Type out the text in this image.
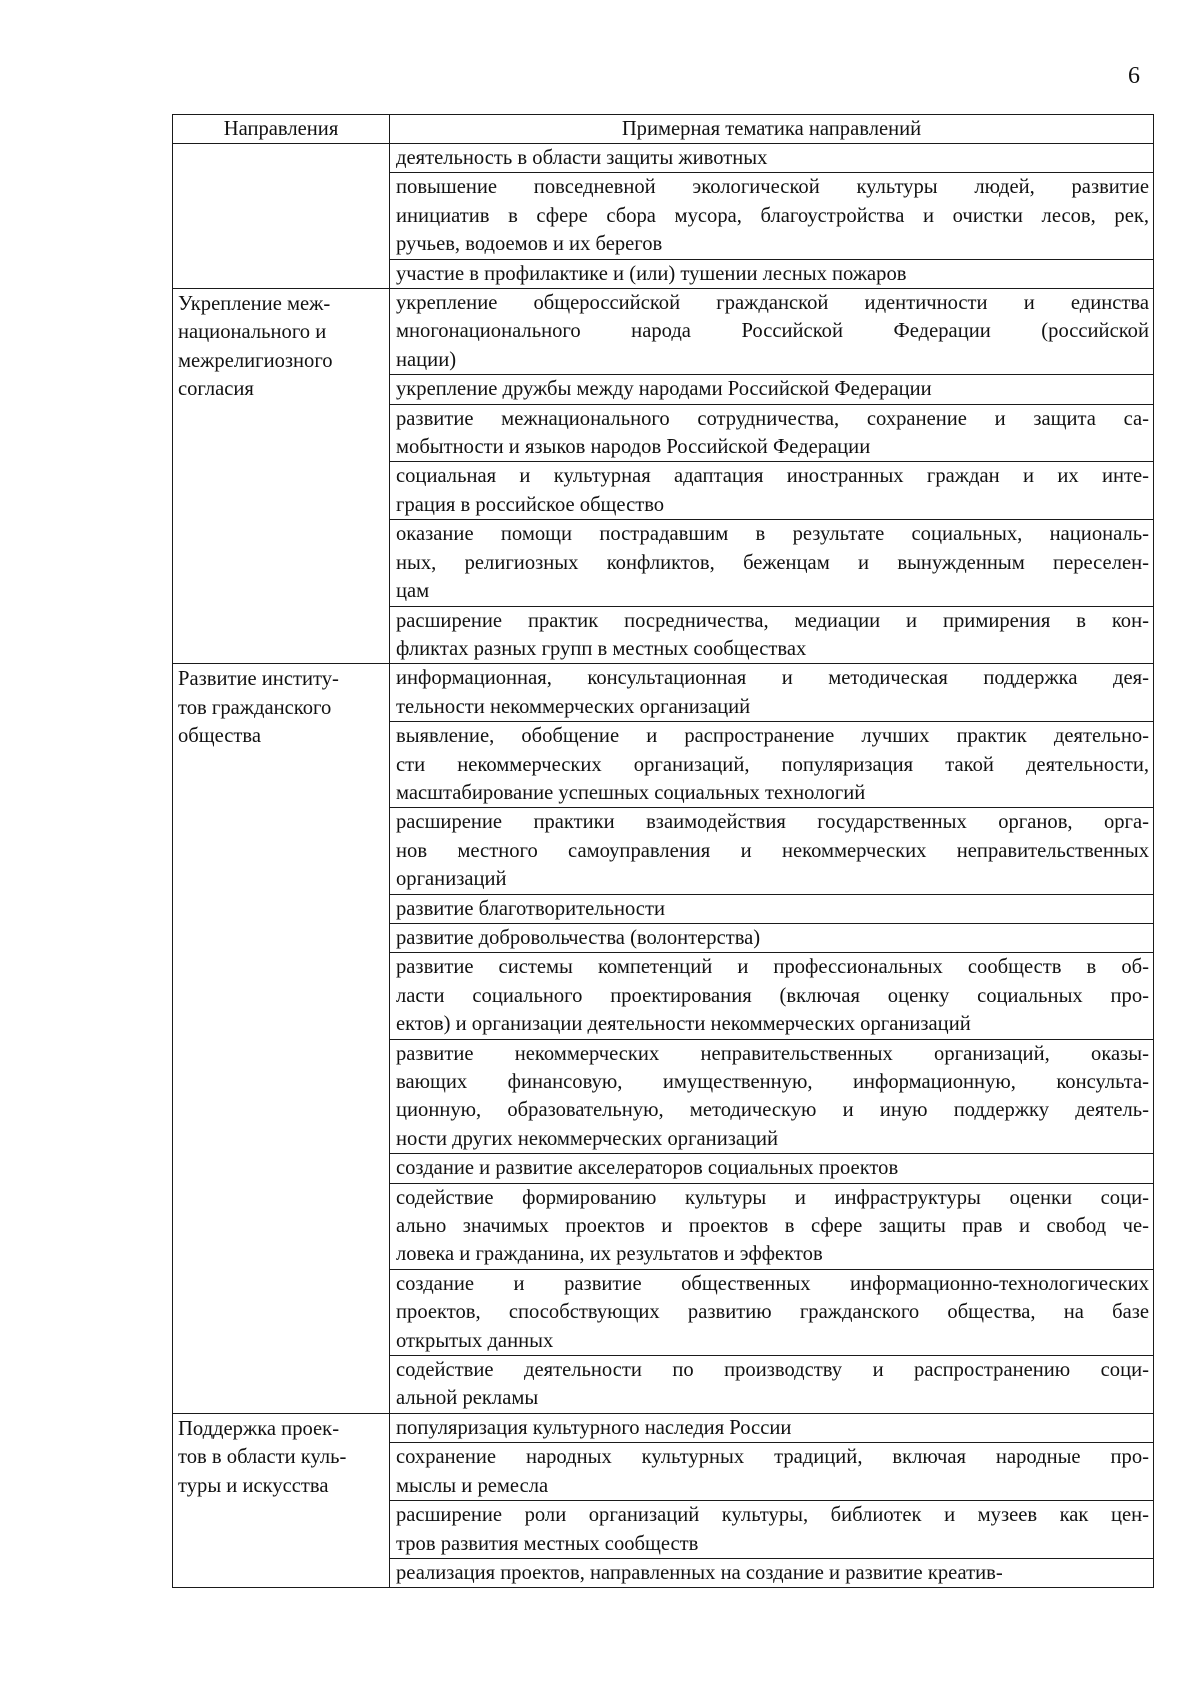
6
Направления	Примерная тематика направлений

	деятельность в области защиты животных

	повышение повседневной экологической культуры людей, развитие
инициатив в сфере сбора мусора, благоустройства и очистки лесов, рек,
ручьев, водоемов и их берегов

	участие в профилактике и (или) тушении лесных пожаров

Укрепление меж-
национального и
межрелигиозного
согласия	укрепление общероссийской гражданской идентичности и единства
многонационального народа Российской Федерации (российской
нации)

	укрепление дружбы между народами Российской Федерации

	развитие межнационального сотрудничества, сохранение и защита са-
мобытности и языков народов Российской Федерации

	социальная и культурная адаптация иностранных граждан и их инте-
грация в российское общество

	оказание помощи пострадавшим в результате социальных, националь-
ных, религиозных конфликтов, беженцам и вынужденным переселен-
цам

	расширение практик посредничества, медиации и примирения в кон-
фликтах разных групп в местных сообществах

Развитие институ-
тов гражданского
общества	информационная, консультационная и методическая поддержка дея-
тельности некоммерческих организаций

	выявление, обобщение и распространение лучших практик деятельно-
сти некоммерческих организаций, популяризация такой деятельности,
масштабирование успешных социальных технологий

	расширение практики взаимодействия государственных органов, орга-
нов местного самоуправления и некоммерческих неправительственных
организаций

	развитие благотворительности

	развитие добровольчества (волонтерства)

	развитие системы компетенций и профессиональных сообществ в об-
ласти социального проектирования (включая оценку социальных про-
ектов) и организации деятельности некоммерческих организаций

	развитие некоммерческих неправительственных организаций, оказы-
вающих финансовую, имущественную, информационную, консульта-
ционную, образовательную, методическую и иную поддержку деятель-
ности других некоммерческих организаций

	создание и развитие акселераторов социальных проектов

	содействие формированию культуры и инфраструктуры оценки соци-
ально значимых проектов и проектов в сфере защиты прав и свобод че-
ловека и гражданина, их результатов и эффектов

	создание и развитие общественных информационно-технологических
проектов, способствующих развитию гражданского общества, на базе
открытых данных

	содействие деятельности по производству и распространению соци-
альной рекламы

Поддержка проек-
тов в области куль-
туры и искусства	популяризация культурного наследия России

	сохранение народных культурных традиций, включая народные про-
мыслы и ремесла

	расширение роли организаций культуры, библиотек и музеев как цен-
тров развития местных сообществ

	реализация проектов, направленных на создание и развитие креатив-
